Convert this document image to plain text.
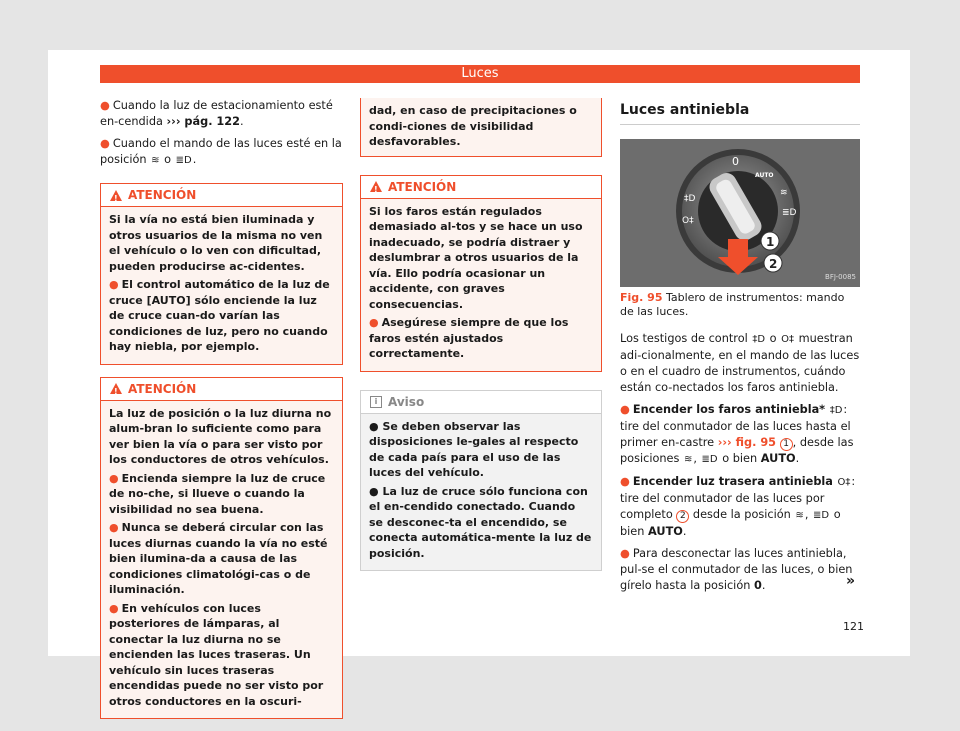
Luces

● Cuando la luz de estacionamiento esté en-cendida ››› pág. 122.

● Cuando el mando de las luces esté en la posición ≋ o ≣D.

!
ATENCIÓN

Si la vía no está bien iluminada y otros usuarios de la misma no ven el vehículo o lo ven con dificultad, pueden producirse ac-cidentes.

● El control automático de la luz de cruce [AUTO] sólo enciende la luz de cruce cuan-do varían las condiciones de luz, pero no cuando hay niebla, por ejemplo.

!
ATENCIÓN

La luz de posición o la luz diurna no alum-bran lo suficiente como para ver bien la vía o para ser visto por los conductores de otros vehículos.

● Encienda siempre la luz de cruce de no-che, si llueve o cuando la visibilidad no sea buena.

● Nunca se deberá circular con las luces diurnas cuando la vía no esté bien ilumina-da a causa de las condiciones climatológi-cas o de iluminación.

● En vehículos con luces posteriores de lámparas, al conectar la luz diurna no se encienden las luces traseras. Un vehículo sin luces traseras encendidas puede no ser visto por otros conductores en la oscuri-

dad, en caso de precipitaciones o condi-ciones de visibilidad desfavorables.
!
ATENCIÓN

Si los faros están regulados demasiado al-tos y se hace un uso inadecuado, se podría distraer y deslumbrar a otros usuarios de la vía. Ello podría ocasionar un accidente, con graves consecuencias.

● Asegúrese siempre de que los faros estén ajustados correctamente.

i Aviso

● Se deben observar las disposiciones le-gales al respecto de cada país para el uso de las luces del vehículo.

● La luz de cruce sólo funciona con el en-cendido conectado. Cuando se desconec-ta el encendido, se conecta automática-mente la luz de posición.

Luces antiniebla
0
AUTO
≋
≣D
‡D
O‡
1
2
BFJ-0085
Fig. 95 Tablero de instrumentos: mando de las luces.

Los testigos de control ‡D o O‡ muestran adi-cionalmente, en el mando de las luces o en el cuadro de instrumentos, cuándo están co-nectados los faros antiniebla.

● Encender los faros antiniebla* ‡D: tire del conmutador de las luces hasta el primer en-castre ››› fig. 95 1 , desde las posiciones ≋, ≣D o bien AUTO.

● Encender luz trasera antiniebla O‡: tire del conmutador de las luces por completo 2 desde la posición ≋, ≣D o bien AUTO.

● Para desconectar las luces antiniebla, pul-se el conmutador de las luces, o bien gírelo hasta la posición 0.	»
121
